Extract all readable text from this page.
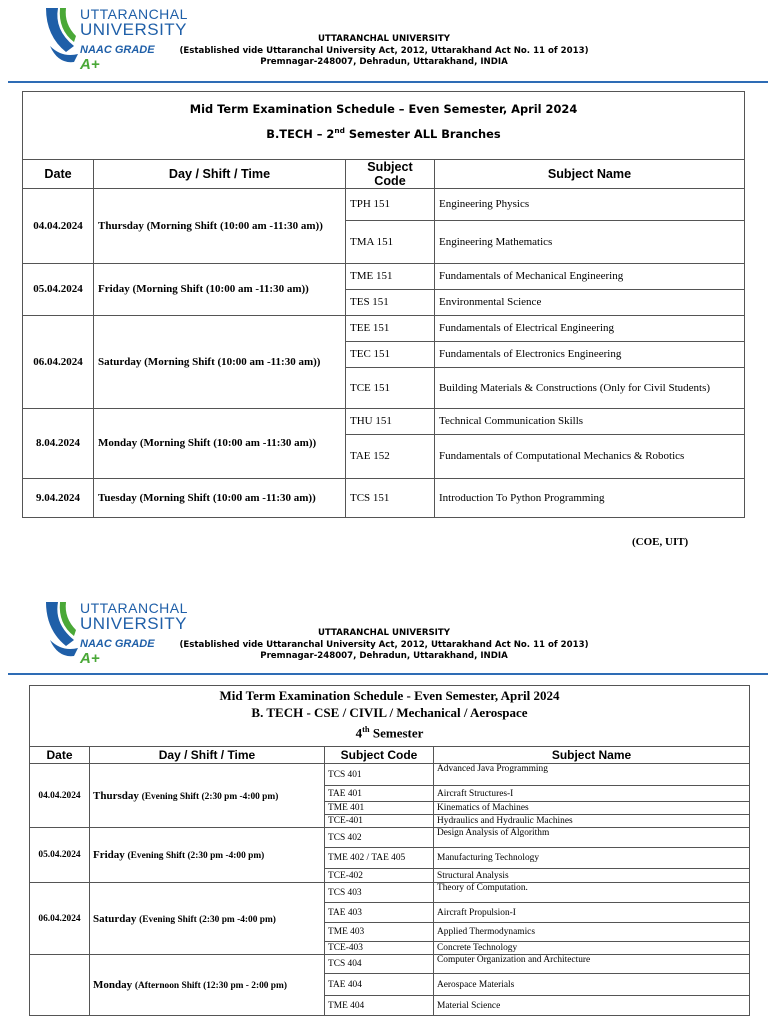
UTTARANCHAL
UNIVERSITY
NAAC GRADE A+
UTTARANCHAL UNIVERSITY
(Established vide Uttaranchal University Act, 2012, Uttarakhand Act No. 11 of 2013)
Premnagar-248007, Dehradun, Uttarakhand, INDIA
Mid Term Examination Schedule – Even Semester, April 2024
B.TECH – 2nd Semester ALL Branches			

Date	Day / Shift / Time	Subject Code	Subject Name
04.04.2024	Thursday (Morning Shift (10:00 am -11:30 am))	TPH 151	Engineering Physics
		TMA 151	Engineering Mathematics
05.04.2024	Friday (Morning Shift (10:00 am -11:30 am))	TME 151	Fundamentals of Mechanical Engineering
		TES 151	Environmental Science
06.04.2024	Saturday (Morning Shift (10:00 am -11:30 am))	TEE 151	Fundamentals of Electrical Engineering
		TEC 151	Fundamentals of Electronics Engineering
		TCE 151	Building Materials & Constructions (Only for Civil Students)
8.04.2024	Monday (Morning Shift (10:00 am -11:30 am))	THU 151	Technical Communication Skills
		TAE 152	Fundamentals of Computational Mechanics & Robotics
9.04.2024	Tuesday (Morning Shift (10:00 am -11:30 am))	TCS 151	Introduction To Python Programming
(COE, UIT)
UTTARANCHAL
UNIVERSITY
NAAC GRADE A+
UTTARANCHAL UNIVERSITY
(Established vide Uttaranchal University Act, 2012, Uttarakhand Act No. 11 of 2013)
Premnagar-248007, Dehradun, Uttarakhand, INDIA
Mid Term Examination Schedule - Even Semester, April 2024
B. TECH - CSE / CIVIL / Mechanical / Aerospace
4th Semester			

Date	Day / Shift / Time	Subject Code	Subject Name
04.04.2024	Thursday (Evening Shift (2:30 pm -4:00 pm)	TCS 401	Advanced Java Programming
		TAE 401	Aircraft Structures-I
		TME 401	Kinematics of Machines
		TCE-401	Hydraulics and Hydraulic Machines
05.04.2024	Friday (Evening Shift (2:30 pm -4:00 pm)	TCS 402	Design Analysis of Algorithm
		TME 402 / TAE 405	Manufacturing Technology
		TCE-402	Structural Analysis
06.04.2024	Saturday (Evening Shift (2:30 pm -4:00 pm)	TCS 403	Theory of Computation.
		TAE 403	Aircraft Propulsion-I
		TME 403	Applied Thermodynamics
		TCE-403	Concrete Technology
	Monday (Afternoon Shift (12:30 pm - 2:00 pm)	TCS 404	Computer Organization and Architecture
		TAE 404	Aerospace Materials
		TME 404	Material Science
